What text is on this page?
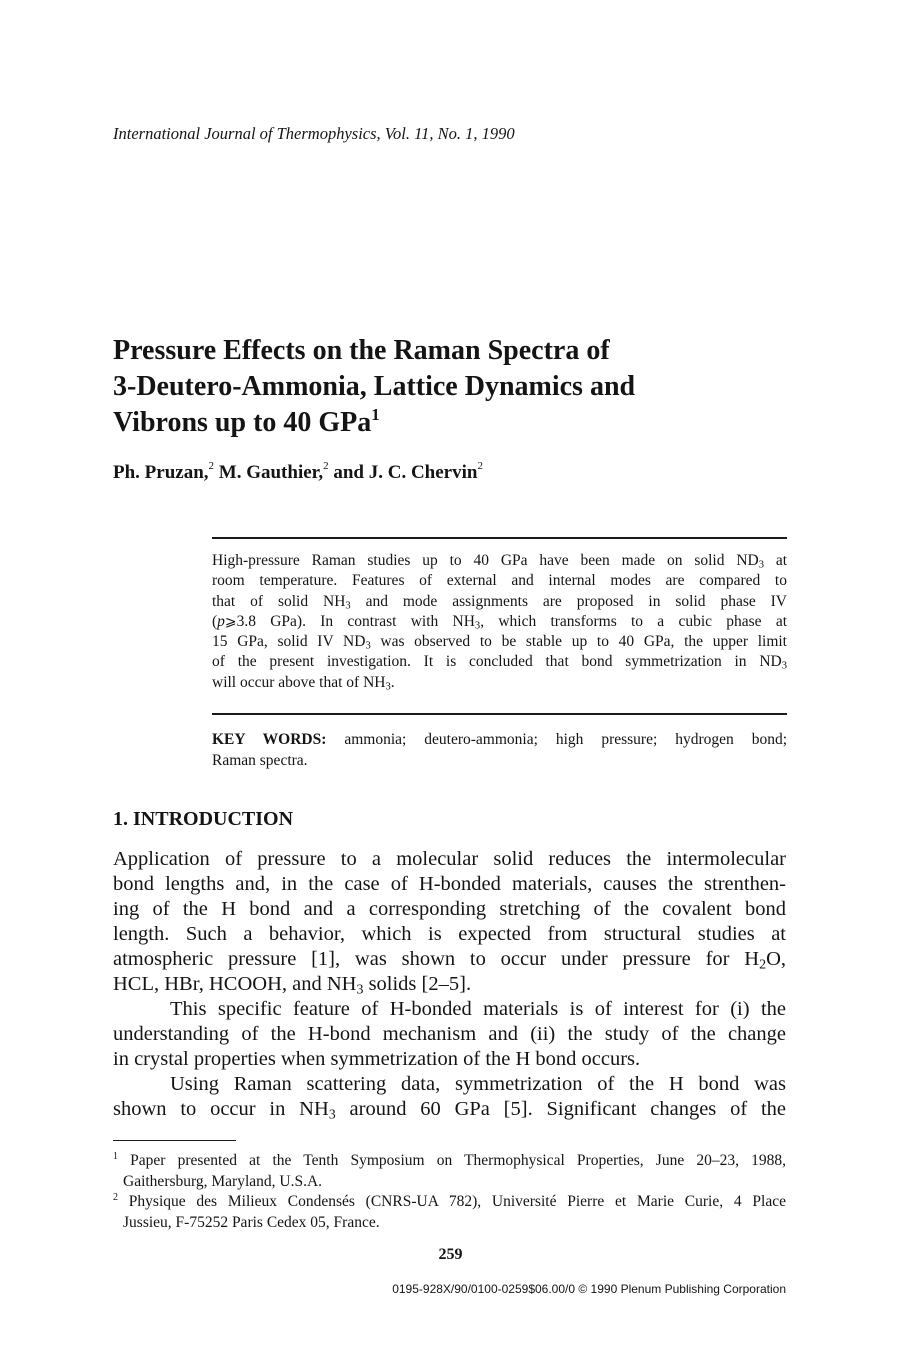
International Journal of Thermophysics, Vol. 11, No. 1, 1990
Pressure Effects on the Raman Spectra of
3-Deutero-Ammonia, Lattice Dynamics and
Vibrons up to 40 GPa$^1$
Ph. Pruzan,$^2$ M. Gauthier,$^2$ and J. C. Chervin$^2$
High-pressure Raman studies up to 40 GPa have been made on solid $ND_3$ at
room temperature. Features of external and internal modes are compared to
that of solid $NH_3$ and mode assignments are proposed in solid phase IV
(p⩾3.8 GPa). In contrast with $NH_3$, which transforms to a cubic phase at
15 GPa, solid IV $ND_3$ was observed to be stable up to 40 GPa, the upper limit
of the present investigation. It is concluded that bond symmetrization in $ND_3$
will occur above that of $NH_3$.
KEY WORDS: ammonia; deutero-ammonia; high pressure; hydrogen bond;
Raman spectra.
1. INTRODUCTION
Application of pressure to a molecular solid reduces the intermolecular
bond lengths and, in the case of H-bonded materials, causes the strenthen-
ing of the H bond and a corresponding stretching of the covalent bond
length. Such a behavior, which is expected from structural studies at
atmospheric pressure [1], was shown to occur under pressure for $H_2O$,
HCL, HBr, HCOOH, and $NH_3$ solids [2–5].
This specific feature of H-bonded materials is of interest for (i) the
understanding of the H-bond mechanism and (ii) the study of the change
in crystal properties when symmetrization of the H bond occurs.
Using Raman scattering data, symmetrization of the H bond was
shown to occur in $NH_3$ around 60 GPa [5]. Significant changes of the
$^1$ Paper presented at the Tenth Symposium on Thermophysical Properties, June 20–23, 1988,
Gaithersburg, Maryland, U.S.A.
$^2$ Physique des Milieux Condensés (CNRS-UA 782), Université Pierre et Marie Curie, 4 Place
Jussieu, F-75252 Paris Cedex 05, France.
259
0195-928X/90/0100-0259$06.00/0 © 1990 Plenum Publishing Corporation
